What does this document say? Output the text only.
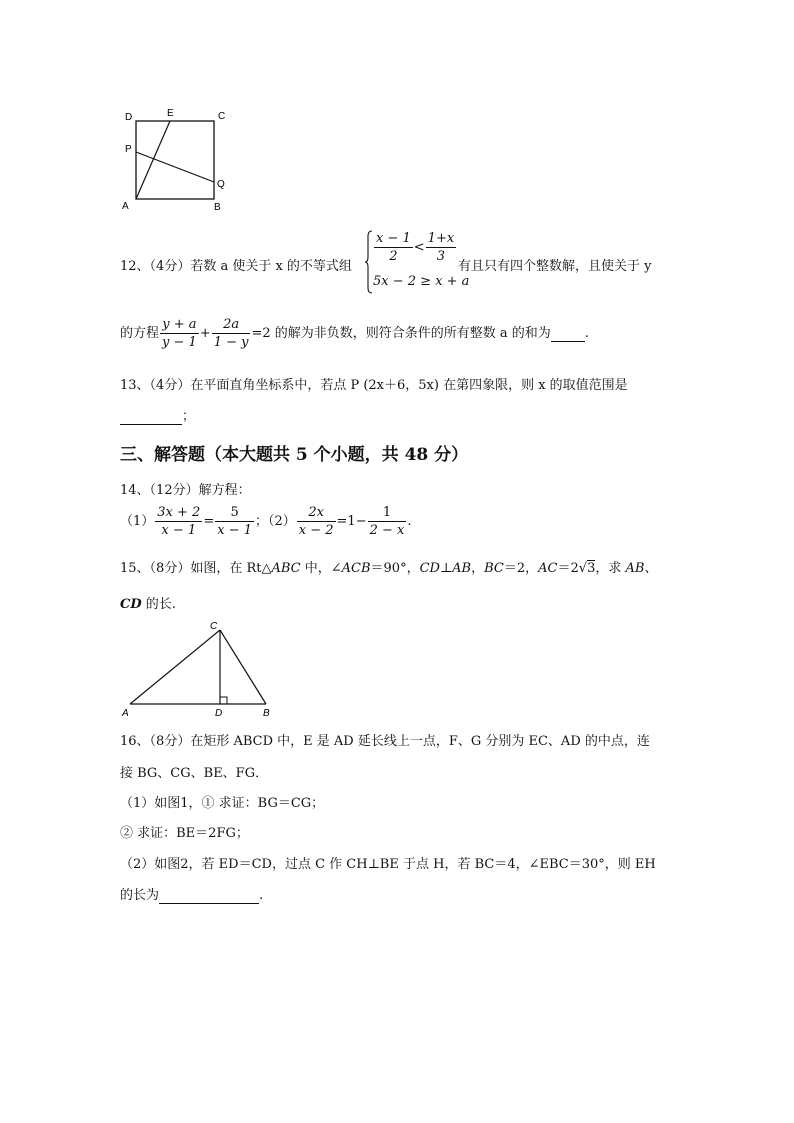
D	E	C
P
Q
A	B
12、（4分）若数 a 使关于 x 的不等式组
$\frac{x - 1}{2} < \frac{1+x}{3}$
5x − 2 ≥ x + a
有且只有四个整数解，且使关于 y
的方程 $\frac{y + a}{y - 1} + \frac{2a}{1 - y} =2$ 的解为非负数，则符合条件的所有整数 a 的和为	.
13、（4分）在平面直角坐标系中，若点 P (2x＋6，5x) 在第四象限，则 x 的取值范围是
；
三、解答题（本大题共 5 个小题，共 48 分）
14、（12分）解方程：
$(1) \frac{3x + 2}{x - 1} = \frac{5}{x - 1}$ ；$(2) \frac{2x}{x - 2} =1- \frac{1}{2 - x}$ .
15、（8分）如图，在 Rt△ABC 中，∠ACB＝90°，CD⊥AB，BC＝2，AC＝2√3，求 AB、
CD 的长.
C
A	D	B
16、（8分）在矩形 ABCD 中，E 是 AD 延长线上一点，F、G 分别为 EC、AD 的中点，连
接 BG、CG、BE、FG．
（1）如图1，① 求证：BG＝CG；
② 求证：BE＝2FG；
（2）如图2，若 ED＝CD，过点 C 作 CH⊥BE 于点 H，若 BC＝4，∠EBC＝30°，则 EH
的长为	.
